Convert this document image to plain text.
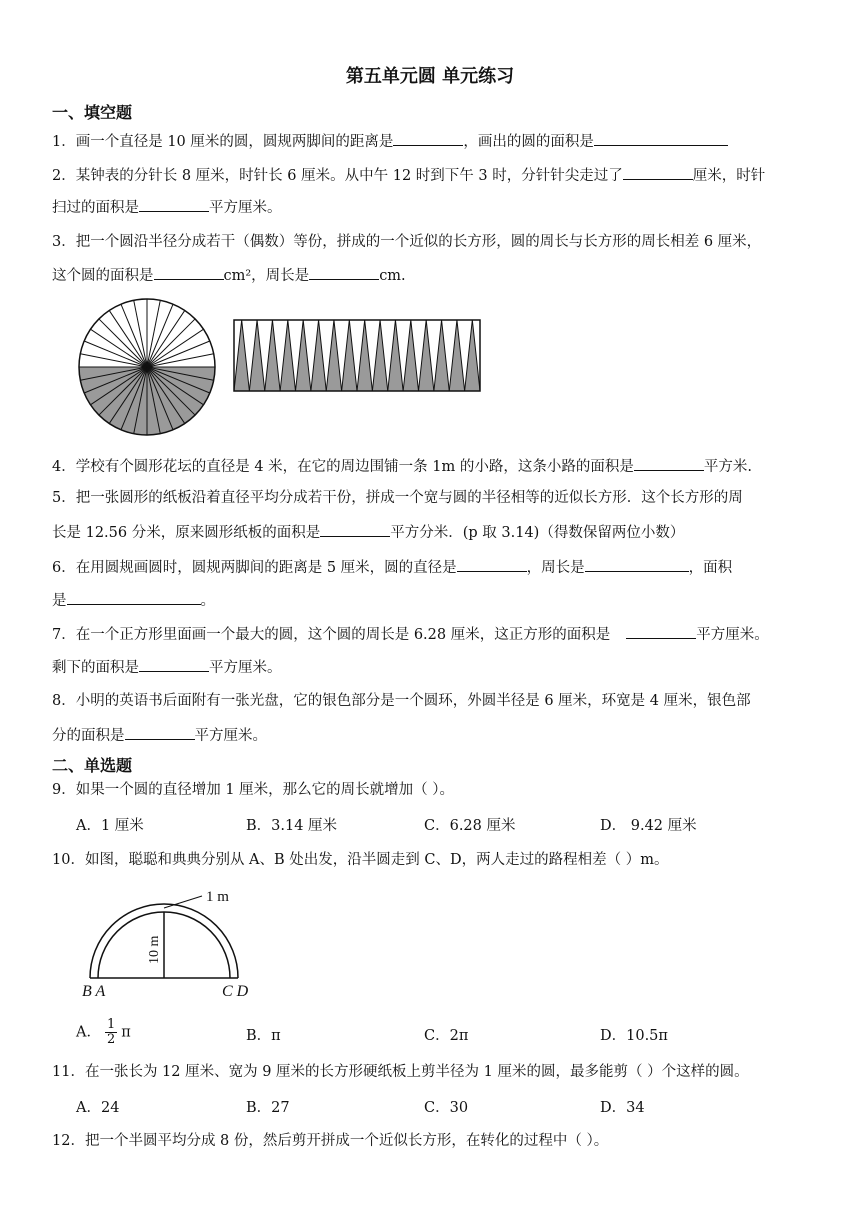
第五单元圆 单元练习
一、填空题
1．画一个直径是 10 厘米的圆，圆规两脚间的距离是	，画出的圆的面积是
2．某钟表的分针长 8 厘米，时针长 6 厘米。从中午 12 时到下午 3 时，分针针尖走过了	厘米，时针
扫过的面积是	平方厘米。
3．把一个圆沿半径分成若干（偶数）等份，拼成的一个近似的长方形，圆的周长与长方形的周长相差 6 厘米，
这个圆的面积是	cm²，周长是	cm.
4．学校有个圆形花坛的直径是 4 米，在它的周边围铺一条 1m 的小路，这条小路的面积是	平方米.
5．把一张圆形的纸板沿着直径平均分成若干份，拼成一个宽与圆的半径相等的近似长方形．这个长方形的周
长是 12.56 分米，原来圆形纸板的面积是	平方分米．(p 取 3.14)（得数保留两位小数）
6．在用圆规画圆时，圆规两脚间的距离是 5 厘米，圆的直径是	，周长是	，面积
是	。
7．在一个正方形里面画一个最大的圆，这个圆的周长是 6.28 厘米，这正方形的面积是	平方厘米。
剩下的面积是	平方厘米。
8．小明的英语书后面附有一张光盘，它的银色部分是一个圆环，外圆半径是 6 厘米，环宽是 4 厘米，银色部
分的面积是	平方厘米。
二、单选题
9．如果一个圆的直径增加 1 厘米，那么它的周长就增加（ ）。
A．1 厘米	B．3.14 厘米	C．6.28 厘米	D． 9.42 厘米
10．如图，聪聪和典典分别从 A、B 处出发，沿半圆走到 C、D，两人走过的路程相差（ ）m。
1 m
10 m
B A	C D
A． $\frac{1}{2}$ π	B．π	C．2π	D．10.5π
11．在一张长为 12 厘米、宽为 9 厘米的长方形硬纸板上剪半径为 1 厘米的圆，最多能剪（ ）个这样的圆。
A．24	B．27	C．30	D．34
12．把一个半圆平均分成 8 份，然后剪开拼成一个近似长方形，在转化的过程中（ ）。
